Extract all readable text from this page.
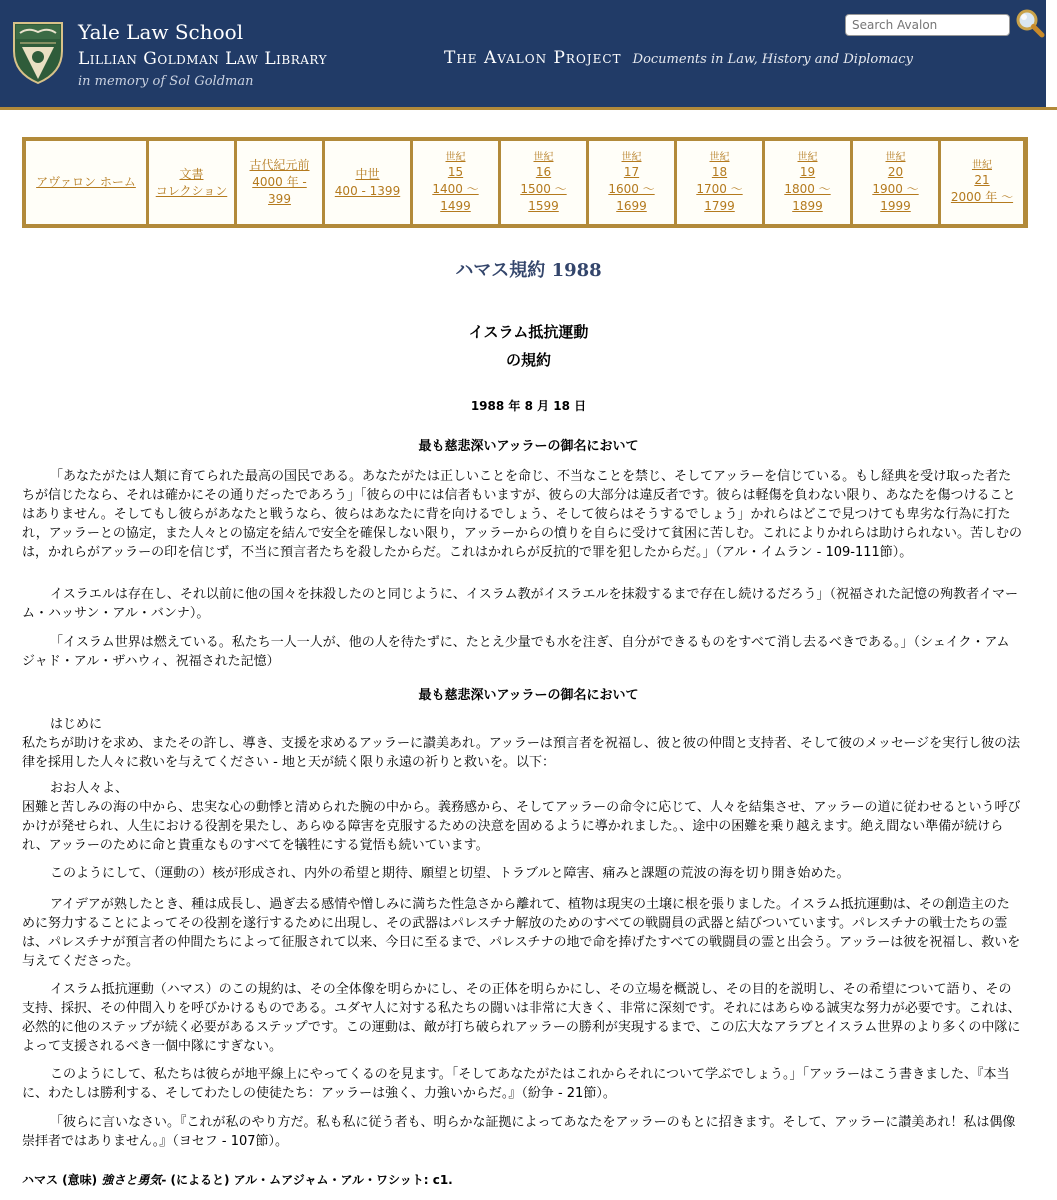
Yale Law School
Lillian Goldman Law Library
in memory of Sol Goldman
The Avalon Project Documents in Law, History and Diplomacy
Search Avalon
アヴァロン ホーム
文書
コレクション
古代紀元前
4000 年 - 399
中世
400 - 1399
世紀
15
1400 〜 1499
世紀
16
1500 〜 1599
世紀
17
1600 〜 1699
世紀
18
1700 〜 1799
世紀
19
1800 〜 1899
世紀
20
1900 〜 1999
世紀
21
2000 年 〜
ハマス規約 1988
イスラム抵抗運動
の規約
1988 年 8 月 18 日
最も慈悲深いアッラーの御名において

「あなたがたは人類に育てられた最高の国民である。あなたがたは正しいことを命じ、不当なことを禁じ、そしてアッラーを信じている。もし経典を受け取った者たちが信じたなら、それは確かにその通りだったであろう」「彼らの中には信者もいますが、彼らの大部分は違反者です。彼らは軽傷を負わない限り、あなたを傷つけることはありません。そしてもし彼らがあなたと戦うなら、彼らはあなたに背を向けるでしょう、そして彼らはそうするでしょう」かれらはどこで見つけても卑劣な行為に打たれ，アッラーとの協定，また人々との協定を結んで安全を確保しない限り，アッラーからの憤りを自らに受けて貧困に苦しむ。これによりかれらは助けられない。苦しむのは，かれらがアッラーの印を信じず，不当に預言者たちを殺したからだ。これはかれらが反抗的で罪を犯したからだ。」（アル・イムラン - 109-111節）。

イスラエルは存在し、それ以前に他の国々を抹殺したのと同じように、イスラム教がイスラエルを抹殺するまで存在し続けるだろう」（祝福された記憶の殉教者イマーム・ハッサン・アル・バンナ）。

「イスラム世界は燃えている。私たち一人一人が、他の人を待たずに、たとえ少量でも水を注ぎ、自分ができるものをすべて消し去るべきである。」（シェイク・アムジャド・アル・ザハウィ、祝福された記憶）

最も慈悲深いアッラーの御名において
はじめに
私たちが助けを求め、またその許し、導き、支援を求めるアッラーに讃美あれ。アッラーは預言者を祝福し、彼と彼の仲間と支持者、そして彼のメッセージを実行し彼の法律を採用した人々に救いを与えてください - 地と天が続く限り永遠の祈りと救いを。以下：
おお人々よ、
困難と苦しみの海の中から、忠実な心の動悸と清められた腕の中から。義務感から、そしてアッラーの命令に応じて、人々を結集させ、アッラーの道に従わせるという呼びかけが発せられ、人生における役割を果たし、あらゆる障害を克服するための決意を固めるように導かれました。、途中の困難を乗り越えます。絶え間ない準備が続けられ、アッラーのために命と貴重なものすべてを犠牲にする覚悟も続いています。

このようにして、（運動の）核が形成され、内外の希望と期待、願望と切望、トラブルと障害、痛みと課題の荒波の海を切り開き始めた。

アイデアが熟したとき、種は成長し、過ぎ去る感情や憎しみに満ちた性急さから離れて、植物は現実の土壌に根を張りました。イスラム抵抗運動は、その創造主のために努力することによってその役割を遂行するために出現し、その武器はパレスチナ解放のためのすべての戦闘員の武器と結びついています。パレスチナの戦士たちの霊は、パレスチナが預言者の仲間たちによって征服されて以来、今日に至るまで、パレスチナの地で命を捧げたすべての戦闘員の霊と出会う。アッラーは彼を祝福し、救いを与えてくださった。

イスラム抵抗運動（ハマス）のこの規約は、その全体像を明らかにし、その正体を明らかにし、その立場を概説し、その目的を説明し、その希望について語り、その支持、採択、その仲間入りを呼びかけるものである。ユダヤ人に対する私たちの闘いは非常に大きく、非常に深刻です。それにはあらゆる誠実な努力が必要です。これは、必然的に他のステップが続く必要があるステップです。この運動は、敵が打ち破られアッラーの勝利が実現するまで、この広大なアラブとイスラム世界のより多くの中隊によって支援されるべき一個中隊にすぎない。

このようにして、私たちは彼らが地平線上にやってくるのを見ます。「そしてあなたがたはこれからそれについて学ぶでしょう。」「アッラーはこう書きました、『本当に、わたしは勝利する、そしてわたしの使徒たち：アッラーは強く、力強いからだ。』（紛争 - 21節）。

「彼らに言いなさい。『これが私のやり方だ。私も私に従う者も、明らかな証拠によってあなたをアッラーのもとに招きます。そして、アッラーに讃美あれ！私は偶像崇拝者ではありません。』（ヨセフ - 107節）。

ハマス (意味) 強さと勇気- (によると) アル・ムアジャム・アル・ワシット: c1.
